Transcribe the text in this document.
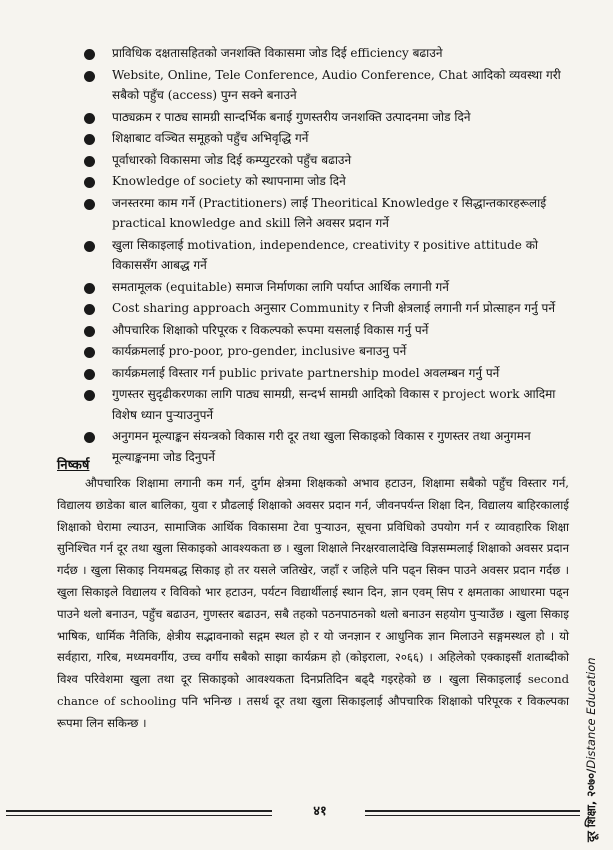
प्राविधिक दक्षतासहितको जनशक्ति विकासमा जोड दिई efficiency बढाउने
Website, Online, Tele Conference, Audio Conference, Chat आदिको व्यवस्था गरी सबैको पहुँच (access) पुग्न सक्ने बनाउने
पाठ्यक्रम र पाठ्य सामग्री सान्दर्भिक बनाई गुणस्तरीय जनशक्ति उत्पादनमा जोड दिने
शिक्षाबाट वञ्चित समूहको पहुँच अभिवृद्धि गर्ने
पूर्वाधारको विकासमा जोड दिई कम्प्युटरको पहुँच बढाउने
Knowledge of society को स्थापनामा जोड दिने
जनस्तरमा काम गर्ने (Practitioners) लाई Theoritical Knowledge र सिद्धान्तकारहरूलाई practical knowledge and skill लिने अवसर प्रदान गर्ने
खुला सिकाइलाई motivation, independence, creativity र positive attitude को विकाससँग आबद्ध गर्ने
समतामूलक (equitable) समाज निर्माणका लागि पर्याप्त आर्थिक लगानी गर्ने
Cost sharing approach अनुसार Community र निजी क्षेत्रलाई लगानी गर्न प्रोत्साहन गर्नु पर्ने
औपचारिक शिक्षाको परिपूरक र विकल्पको रूपमा यसलाई विकास गर्नु पर्ने
कार्यक्रमलाई pro-poor, pro-gender, inclusive बनाउनु पर्ने
कार्यक्रमलाई विस्तार गर्न public private partnership model अवलम्बन गर्नु पर्ने
गुणस्तर सुदृढीकरणका लागि पाठ्य सामग्री, सन्दर्भ सामग्री आदिको विकास र project work आदिमा विशेष ध्यान पुऱ्याउनुपर्ने
अनुगमन मूल्याङ्कन संयन्त्रको विकास गरी दूर तथा खुला सिकाइको विकास र गुणस्तर तथा अनुगमन मूल्याङ्कनमा जोड दिनुपर्ने
निष्कर्ष
औपचारिक शिक्षामा लगानी कम गर्न, दुर्गम क्षेत्रमा शिक्षककाे अभाव हटाउन, शिक्षामा सबैको पहुँच विस्तार गर्न, विद्यालय छाडेका बाल बालिका, युवा र प्रौढलाई शिक्षाको अवसर प्रदान गर्न, जीवनपर्यन्त शिक्षा दिन, विद्यालय बाहिरकालाई शिक्षाको घेरामा ल्याउन, सामाजिक आर्थिक विकासमा टेवा पुऱ्याउन, सूचना प्रविधिको उपयोग गर्न र व्यावहारिक शिक्षा सुनिश्चित गर्न दूर तथा खुला सिकाइको आवश्यकता छ । खुला शिक्षाले निरक्षरवालादेखि विज्ञसम्मलाई शिक्षाको अवसर प्रदान गर्दछ । खुला सिकाइ नियमबद्ध सिकाइ हो तर यसले जतिखेर, जहाँ र जहिले पनि पढ्न सिक्न पाउने अवसर प्रदान गर्दछ । खुला सिकाइले विद्यालय र विविको भार हटाउन, पर्यटन विद्यार्थीलाई स्थान दिन, ज्ञान एवम् सिप र क्षमताका आधारमा पढ्न पाउने थलो बनाउन, पहुँच बढाउन, गुणस्तर बढाउन, सबै तहको पठनपाठनको थलो बनाउन सहयोग पुऱ्याउँछ । खुला सिकाइ भाषिक, धार्मिक नैतिकि, क्षेत्रीय सद्भावनाको सद्गम स्थल हो र यो जनज्ञान र आधुनिक ज्ञान मिलाउने सङ्गमस्थल हो । यो सर्वहारा, गरिब, मध्यमवर्गीय, उच्च वर्गीय सबैको साझा कार्यक्रम हो (कोइराला, २०६६) । अहिलेको एक्काइसौं शताब्दीको विश्व परिवेशमा खुला तथा दूर सिकाइको आवश्यकता दिनप्रतिदिन बढ्दै गइरहेको छ । खुला सिकाइलाई second chance of schooling पनि भनिन्छ । तसर्थ दूर तथा खुला सिकाइलाई औपचारिक शिक्षाको परिपूरक र विकल्पका रूपमा लिन सकिन्छ ।
दूर शिक्षा, २०७०/Distance Education
४१
